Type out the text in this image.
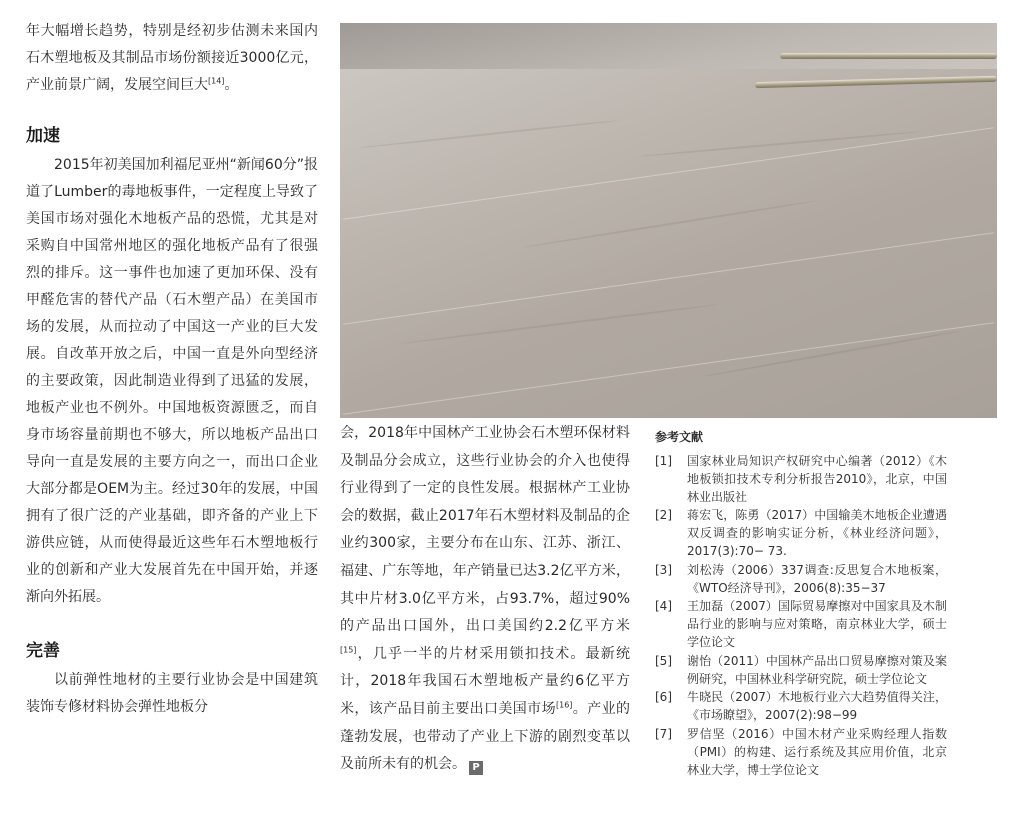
年大幅增长趋势，特别是经初步估测未来国内石木塑地板及其制品市场份额接近3000亿元，产业前景广阔，发展空间巨大[14]。

加速

2015年初美国加利福尼亚州“新闻60分”报道了Lumber的毒地板事件，一定程度上导致了美国市场对强化木地板产品的恐慌，尤其是对采购自中国常州地区的强化地板产品有了很强烈的排斥。这一事件也加速了更加环保、没有甲醛危害的替代产品（石木塑产品）在美国市场的发展，从而拉动了中国这一产业的巨大发展。自改革开放之后，中国一直是外向型经济的主要政策，因此制造业得到了迅猛的发展，地板产业也不例外。中国地板资源匮乏，而自身市场容量前期也不够大，所以地板产品出口导向一直是发展的主要方向之一，而出口企业大部分都是OEM为主。经过30年的发展，中国拥有了很广泛的产业基础，即齐备的产业上下游供应链，从而使得最近这些年石木塑地板行业的创新和产业大发展首先在中国开始，并逐渐向外拓展。

完善

以前弹性地材的主要行业协会是中国建筑装饰专修材料协会弹性地板分

会，2018年中国林产工业协会石木塑环保材料及制品分会成立，这些行业协会的介入也使得行业得到了一定的良性发展。根据林产工业协会的数据，截止2017年石木塑材料及制品的企业约300家，主要分布在山东、江苏、浙江、福建、广东等地，年产销量已达3.2亿平方米，其中片材3.0亿平方米，占93.7%，超过90%的产品出口国外，出口美国约2.2亿平方米[15]，几乎一半的片材采用锁扣技术。最新统计，2018年我国石木塑地板产量约6亿平方米，该产品目前主要出口美国市场[16]。产业的蓬勃发展，也带动了产业上下游的剧烈变革以及前所未有的机会。 P

参考文献
[1]	国家林业局知识产权研究中心编著（2012）《木地板锁扣技术专利分析报告2010》，北京，中国林业出版社
[2]	蒋宏飞，陈勇（2017）中国输美木地板企业遭遇双反调查的影响实证分析，《林业经济问题》，2017(3):70− 73.
[3]	刘松涛（2006）337调查:反思复合木地板案，《WTO经济导刊》，2006(8):35−37
[4]	王加磊（2007）国际贸易摩擦对中国家具及木制品行业的影响与应对策略，南京林业大学，硕士学位论文
[5]	谢怡（2011）中国林产品出口贸易摩擦对策及案例研究，中国林业科学研究院，硕士学位论文
[6]	牛晓民（2007）木地板行业六大趋势值得关注，《市场瞭望》，2007(2):98−99
[7]	罗信坚（2016）中国木材产业采购经理人指数（PMI）的构建、运行系统及其应用价值，北京林业大学，博士学位论文
